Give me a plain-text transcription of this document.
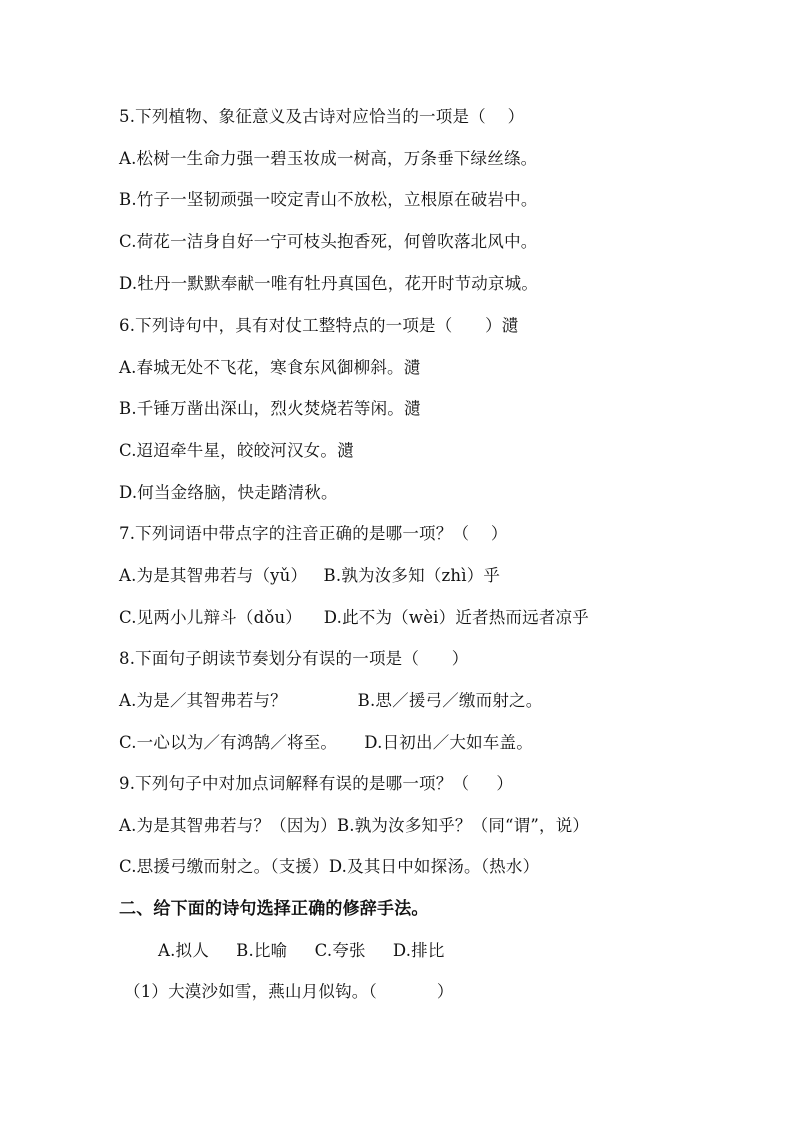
5.下列植物、象征意义及古诗对应恰当的一项是（    ）
A.松树一生命力强一碧玉妆成一树高，万条垂下绿丝绦。
B.竹子一坚韧顽强一咬定青山不放松，立根原在破岩中。
C.荷花一洁身自好一宁可枝头抱香死，何曾吹落北风中。
D.牡丹一默默奉献一唯有牡丹真国色，花开时节动京城。
6.下列诗句中，具有对仗工整特点的一项是（      ）瀢
A.春城无处不飞花，寒食东风御柳斜。瀢
B.千锤万凿出深山，烈火焚烧若等闲。瀢
C.迢迢牵牛星，皎皎河汉女。瀢
D.何当金络脑，快走踏清秋。
7.下列词语中带点字的注音正确的是哪一项？（    ）
A.为是其智弗若与（yǔ）   B.孰为汝多知（zhì）乎
C.见两小儿辩斗（dǒu）    D.此不为（wèi）近者热而远者凉乎
8.下面句子朗读节奏划分有误的一项是（      ）
A.为是／其智弗若与？             B.思／援弓／缴而射之。
C.一心以为／有鸿鹄／将至。     D.日初出／大如车盖。
9.下列句子中对加点词解释有误的是哪一项？（     ）
A.为是其智弗若与？（因为）B.孰为汝多知乎？（同“谓”，说）
C.思援弓缴而射之。（支援）D.及其日中如探汤。（热水）
二、给下面的诗句选择正确的修辞手法。
A.拟人     B.比喻     C.夸张     D.排比
（1）大漠沙如雪，燕山月似钩。（           ）
